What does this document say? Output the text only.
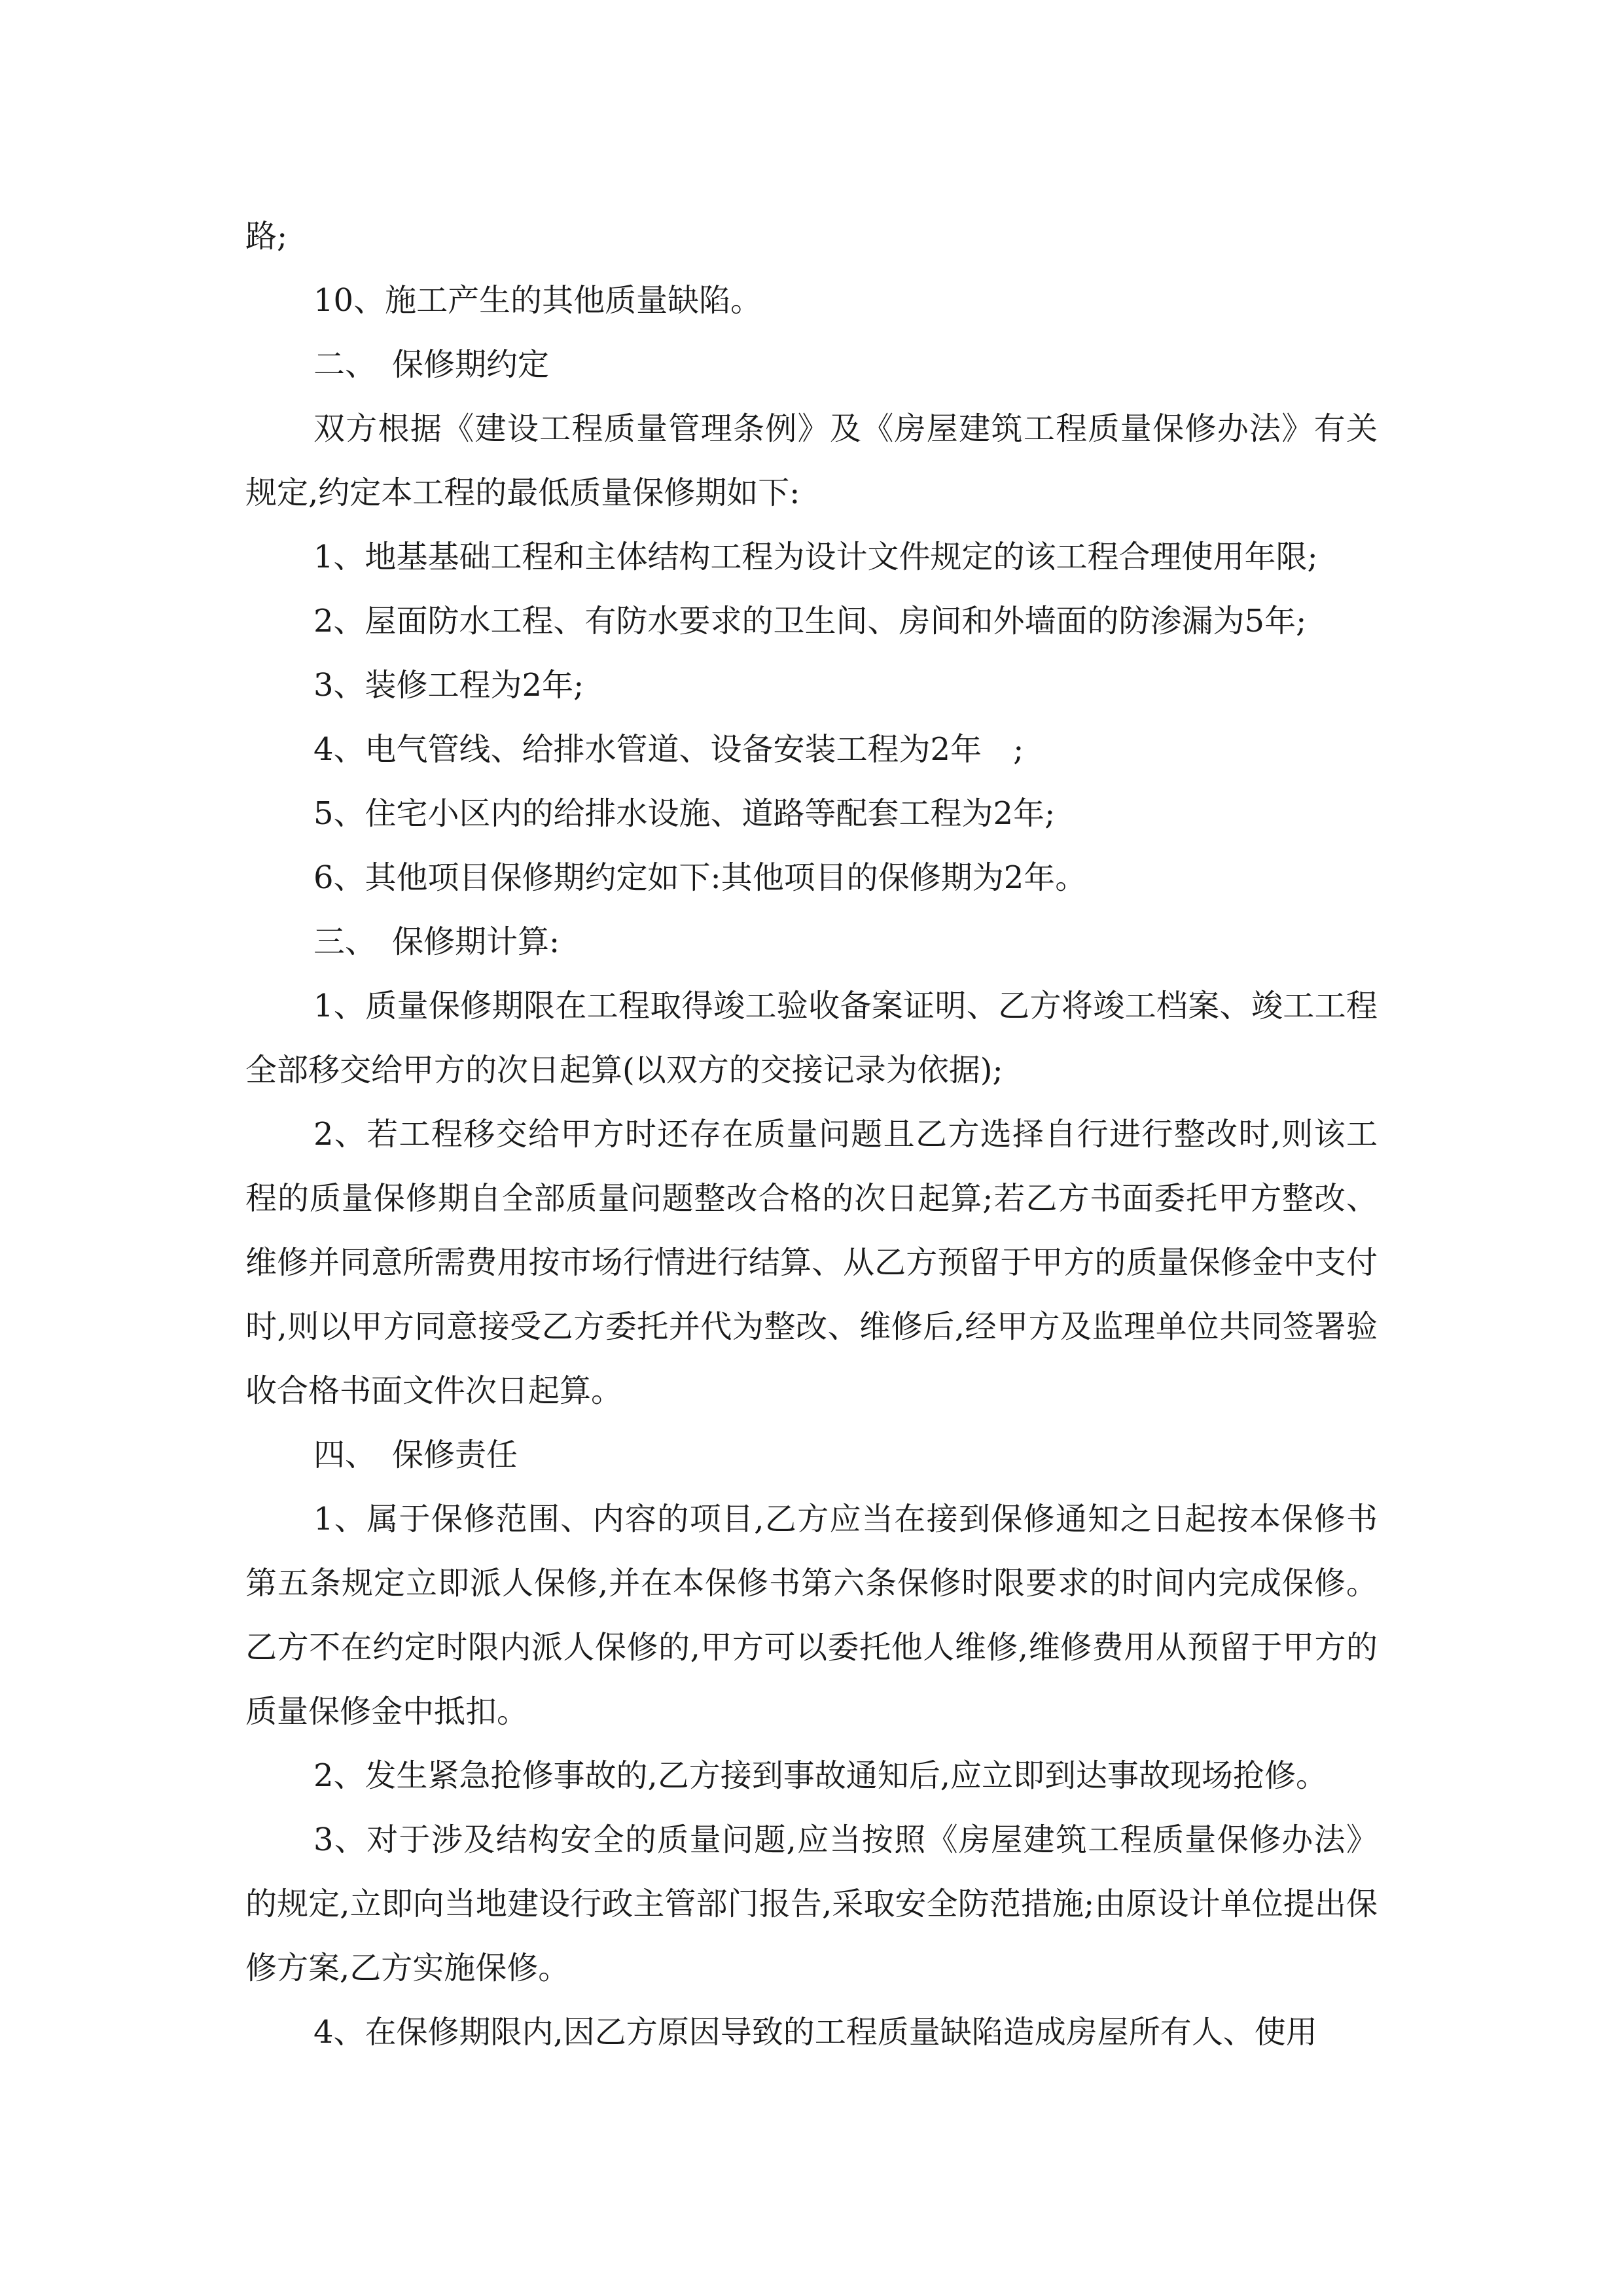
路;

10、施工产生的其他质量缺陷。

二、　保修期约定

双方根据《建设工程质量管理条例》及《房屋建筑工程质量保修办法》有关规定,约定本工程的最低质量保修期如下:

1、地基基础工程和主体结构工程为设计文件规定的该工程合理使用年限;

2、屋面防水工程、有防水要求的卫生间、房间和外墙面的防渗漏为5年;

3、装修工程为2年;

4、电气管线、给排水管道、设备安装工程为2年　;

5、住宅小区内的给排水设施、道路等配套工程为2年;

6、其他项目保修期约定如下:其他项目的保修期为2年。

三、　保修期计算:

1、质量保修期限在工程取得竣工验收备案证明、乙方将竣工档案、竣工工程全部移交给甲方的次日起算(以双方的交接记录为依据);

2、若工程移交给甲方时还存在质量问题且乙方选择自行进行整改时,则该工程的质量保修期自全部质量问题整改合格的次日起算;若乙方书面委托甲方整改、维修并同意所需费用按市场行情进行结算、从乙方预留于甲方的质量保修金中支付时,则以甲方同意接受乙方委托并代为整改、维修后,经甲方及监理单位共同签署验收合格书面文件次日起算。

四、　保修责任

1、属于保修范围、内容的项目,乙方应当在接到保修通知之日起按本保修书第五条规定立即派人保修,并在本保修书第六条保修时限要求的时间内完成保修。乙方不在约定时限内派人保修的,甲方可以委托他人维修,维修费用从预留于甲方的质量保修金中抵扣。

2、发生紧急抢修事故的,乙方接到事故通知后,应立即到达事故现场抢修。

3、对于涉及结构安全的质量问题,应当按照《房屋建筑工程质量保修办法》的规定,立即向当地建设行政主管部门报告,采取安全防范措施;由原设计单位提出保修方案,乙方实施保修。

4、在保修期限内,因乙方原因导致的工程质量缺陷造成房屋所有人、使用
